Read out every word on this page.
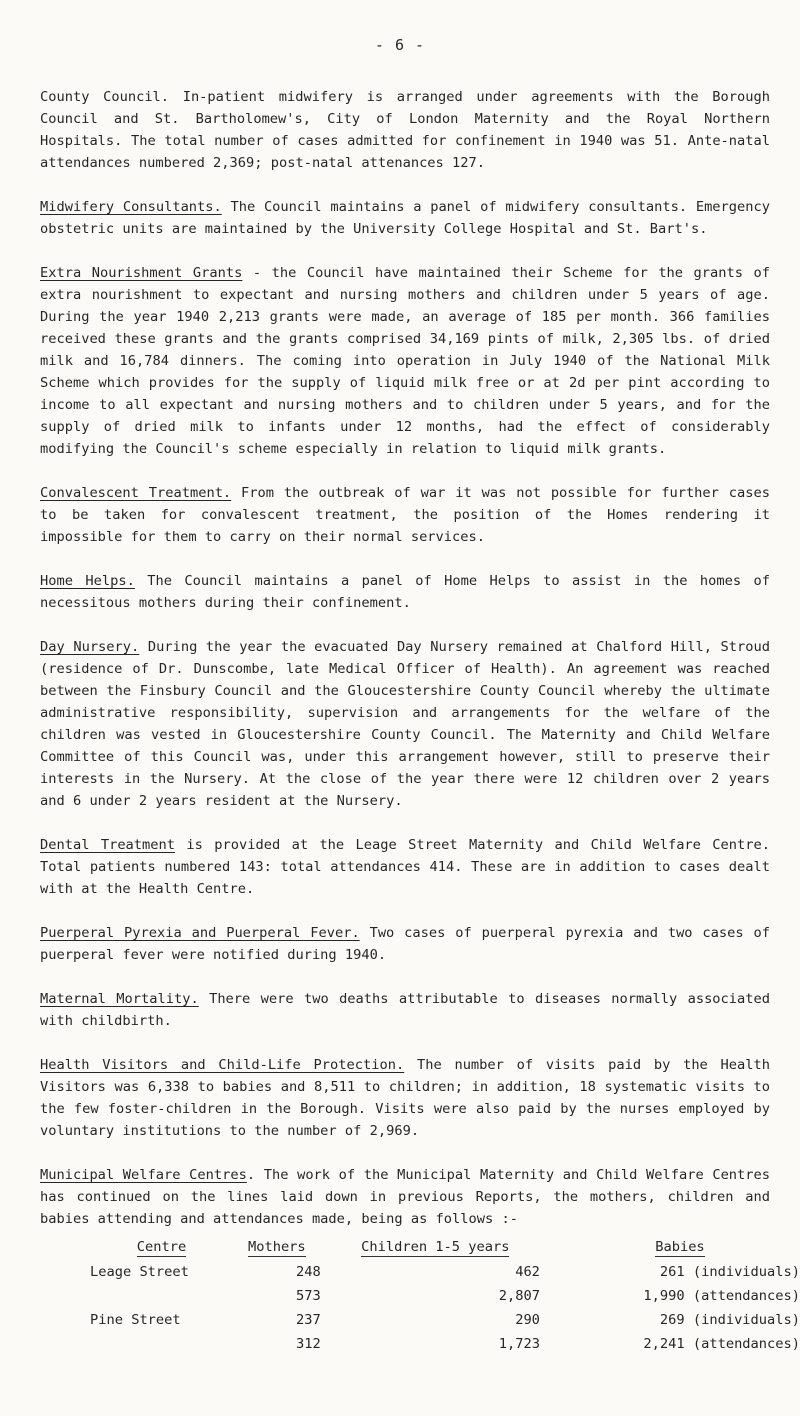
- 6 -

County Council. In-patient midwifery is arranged under agreements with the Borough Council and St. Bartholomew's, City of London Maternity and the Royal Northern Hospitals. The total number of cases admitted for confinement in 1940 was 51. Ante-natal attendances numbered 2,369; post-natal attenances 127.

Midwifery Consultants. The Council maintains a panel of midwifery consultants. Emergency obstetric units are maintained by the University College Hospital and St. Bart's.

Extra Nourishment Grants - the Council have maintained their Scheme for the grants of extra nourishment to expectant and nursing mothers and children under 5 years of age. During the year 1940 2,213 grants were made, an average of 185 per month. 366 families received these grants and the grants comprised 34,169 pints of milk, 2,305 lbs. of dried milk and 16,784 dinners. The coming into operation in July 1940 of the National Milk Scheme which provides for the supply of liquid milk free or at 2d per pint according to income to all expectant and nursing mothers and to children under 5 years, and for the supply of dried milk to infants under 12 months, had the effect of considerably modifying the Council's scheme especially in relation to liquid milk grants.

Convalescent Treatment. From the outbreak of war it was not possible for further cases to be taken for convalescent treatment, the position of the Homes rendering it impossible for them to carry on their normal services.

Home Helps. The Council maintains a panel of Home Helps to assist in the homes of necessitous mothers during their confinement.

Day Nursery. During the year the evacuated Day Nursery remained at Chalford Hill, Stroud (residence of Dr. Dunscombe, late Medical Officer of Health). An agreement was reached between the Finsbury Council and the Gloucestershire County Council whereby the ultimate administrative responsibility, supervision and arrangements for the welfare of the children was vested in Gloucestershire County Council. The Maternity and Child Welfare Committee of this Council was, under this arrangement however, still to preserve their interests in the Nursery. At the close of the year there were 12 children over 2 years and 6 under 2 years resident at the Nursery.

Dental Treatment is provided at the Leage Street Maternity and Child Welfare Centre. Total patients numbered 143: total attendances 414. These are in addition to cases dealt with at the Health Centre.

Puerperal Pyrexia and Puerperal Fever. Two cases of puerperal pyrexia and two cases of puerperal fever were notified during 1940.

Maternal Mortality. There were two deaths attributable to diseases normally associated with childbirth.

Health Visitors and Child-Life Protection. The number of visits paid by the Health Visitors was 6,338 to babies and 8,511 to children; in addition, 18 systematic visits to the few foster-children in the Borough. Visits were also paid by the nurses employed by voluntary institutions to the number of 2,969.

Municipal Welfare Centres. The work of the Municipal Maternity and Child Welfare Centres has continued on the lines laid down in previous Reports, the mothers, children and babies attending and attendances made, being as follows :-

Centre	Mothers	Children 1-5 years	Babies
Leage Street	248	462	261 (individuals)
	573	2,807	1,990 (attendances)
Pine Street	237	290	269 (individuals)
	312	1,723	2,241 (attendances)
